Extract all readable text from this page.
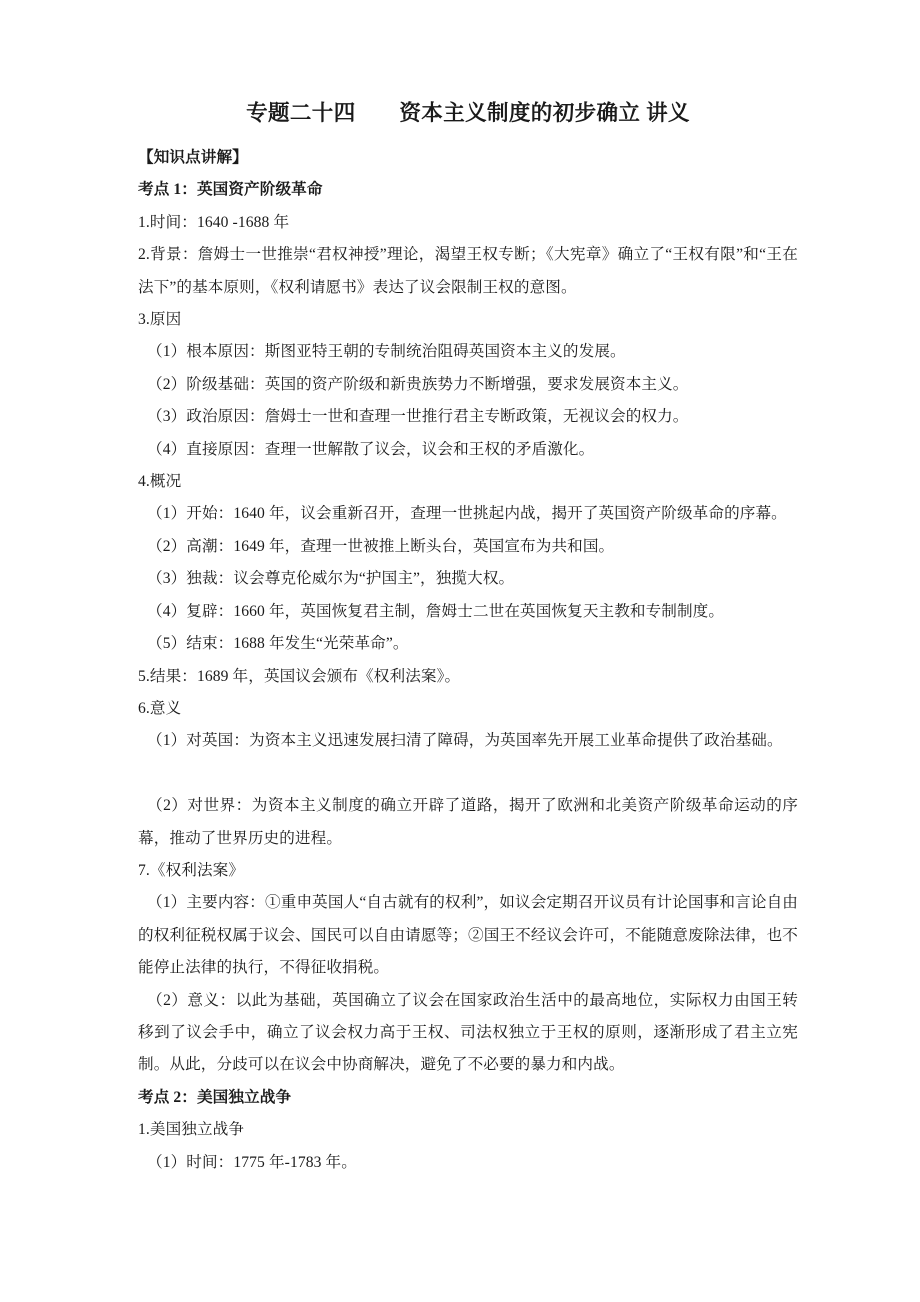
专题二十四　　资本主义制度的初步确立 讲义

【知识点讲解】

考点 1：英国资产阶级革命

1.时间：1640 -1688 年

2.背景：詹姆士一世推崇“君权神授”理论，渴望王权专断；《大宪章》确立了“王权有限”和“王在法下”的基本原则，《权利请愿书》表达了议会限制王权的意图。

3.原因

（1）根本原因：斯图亚特王朝的专制统治阻碍英国资本主义的发展。

（2）阶级基础：英国的资产阶级和新贵族势力不断增强，要求发展资本主义。

（3）政治原因：詹姆士一世和查理一世推行君主专断政策，无视议会的权力。

（4）直接原因：查理一世解散了议会，议会和王权的矛盾激化。

4.概况

（1）开始：1640 年，议会重新召开，查理一世挑起内战，揭开了英国资产阶级革命的序幕。

（2）高潮：1649 年，查理一世被推上断头台，英国宣布为共和国。

（3）独裁：议会尊克伦威尔为“护国主”，独揽大权。

（4）复辟：1660 年，英国恢复君主制，詹姆士二世在英国恢复天主教和专制制度。

（5）结束：1688 年发生“光荣革命”。

5.结果：1689 年，英国议会颁布《权利法案》。

6.意义

（1）对英国：为资本主义迅速发展扫清了障碍，为英国率先开展工业革命提供了政治基础。

（2）对世界：为资本主义制度的确立开辟了道路，揭开了欧洲和北美资产阶级革命运动的序幕，推动了世界历史的进程。

7.《权利法案》

（1）主要内容：①重申英国人“自古就有的权利”，如议会定期召开议员有计论国事和言论自由的权利征税权属于议会、国民可以自由请愿等；②国王不经议会许可，不能随意废除法律，也不能停止法律的执行，不得征收捐税。

（2）意义：以此为基础，英国确立了议会在国家政治生活中的最高地位，实际权力由国王转移到了议会手中，确立了议会权力高于王权、司法权独立于王权的原则，逐渐形成了君主立宪制。从此，分歧可以在议会中协商解决，避免了不必要的暴力和内战。

考点 2：美国独立战争

1.美国独立战争

（1）时间：1775 年-1783 年。
